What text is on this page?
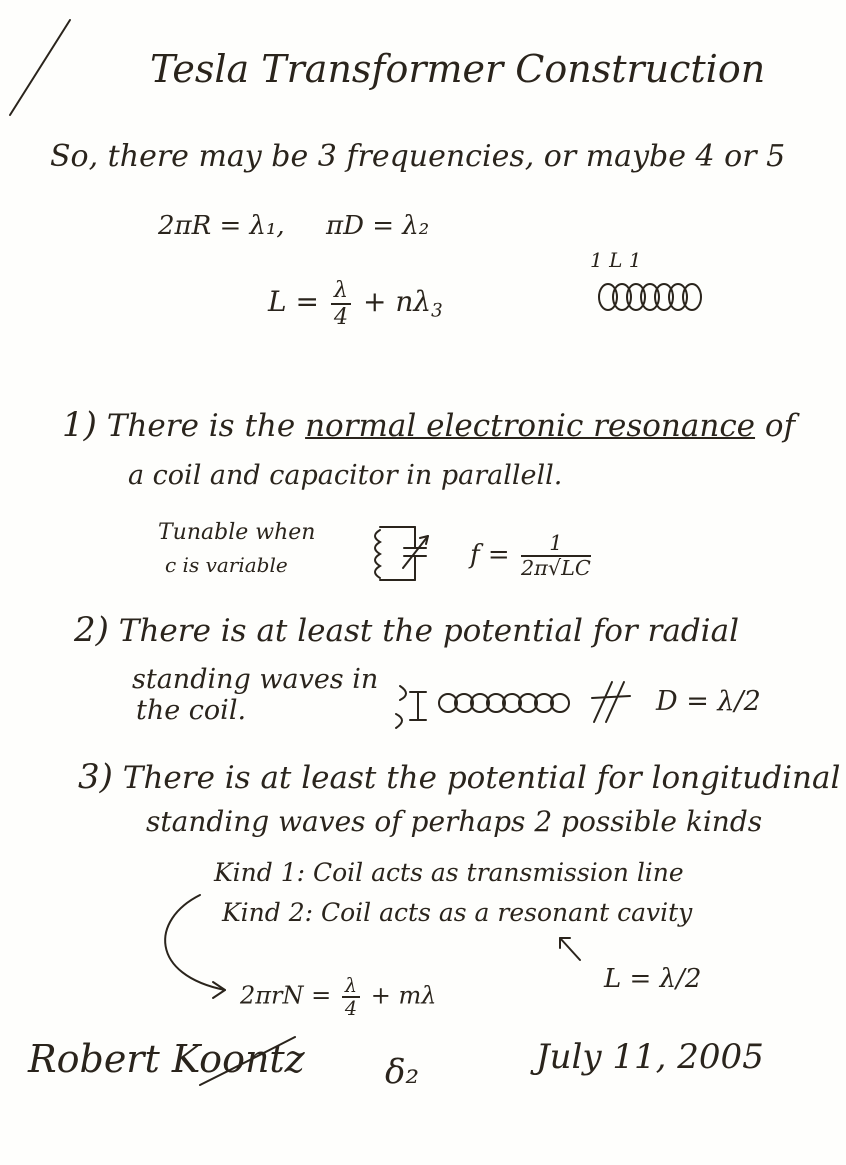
Tesla Transformer Construction
So, there may be 3 frequencies, or maybe 4 or 5
2πR = λ₁, πD = λ₂
$L = \frac{\lambda}{4} + n\lambda_3$
1 L 1
1) There is the normal electronic resonance of
a coil and capacitor in parallell.
Tunable when
c is variable	$f = \frac{1}{2\pi√LC}$
2) There is at least the potential for radial
standing waves in
the coil.	D = λ/2
3) There is at least the potential for longitudinal
standing waves of perhaps 2 possible kinds
Kind 1: Coil acts as transmission line
Kind 2: Coil acts as a resonant cavity
L = λ/2
$2\pi rN = \frac{\lambda}{4} + m\lambda$
Robert Koontz δ₂	July 11, 2005
